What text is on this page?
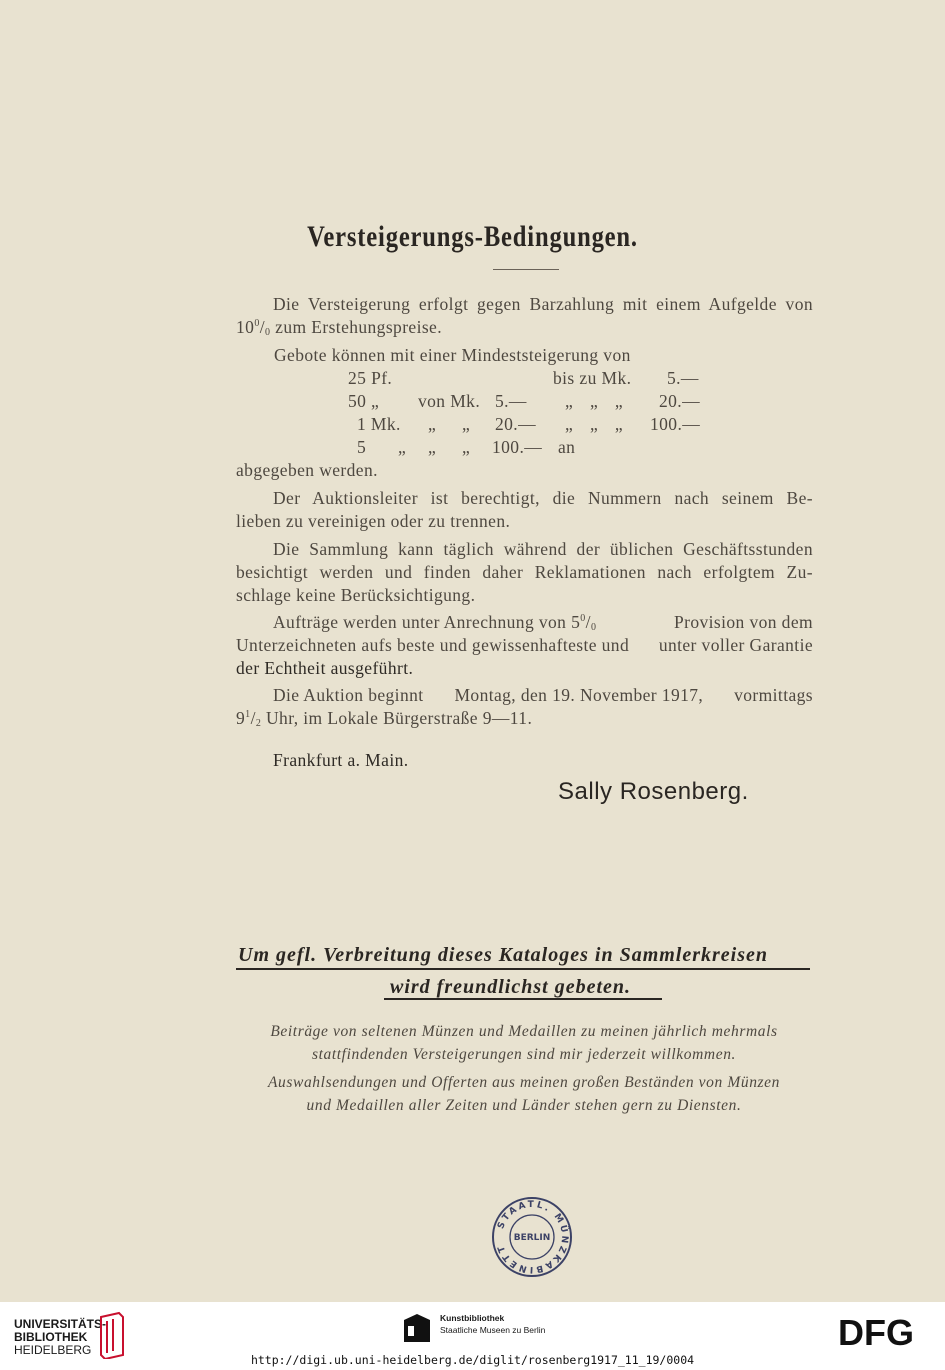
Versteigerungs-Bedingungen.
Die Versteigerung erfolgt gegen Barzahlung mit einem Aufgelde von
$10^0/_0$ zum Erstehungspreise.
Gebote können mit einer Mindeststeigerung von
25 Pf.	bis zu Mk. 5.—
50 „ von Mk. 5.— „ „ „ 20.—
1 Mk. „ „ 20.— „ „ „ 100.—
5 „ „ „ 100.— an
abgegeben werden.
Der Auktionsleiter ist berechtigt, die Nummern nach seinem Be-
lieben zu vereinigen oder zu trennen.
Die Sammlung kann täglich während der üblichen Geschäftsstunden
besichtigt werden und finden daher Reklamationen nach erfolgtem Zu-
schlage keine Berücksichtigung.
Aufträge werden unter Anrechnung von $5^0/_0$	Provision von dem
Unterzeichneten aufs beste und gewissenhafteste und unter voller Garantie
der Echtheit ausgeführt.
Die Auktion beginnt Montag, den 19. November 1917, vormittags
$9^1/_2$ Uhr, im Lokale Bürgerstraße 9—11.
Frankfurt a. Main.
Sally Rosenberg.
Um gefl. Verbreitung dieses Kataloges in Sammlerkreisen
wird freundlichst gebeten.
Beiträge von seltenen Münzen und Medaillen zu meinen jährlich mehrmals
stattfindenden Versteigerungen sind mir jederzeit willkommen.
Auswahlsendungen und Offerten aus meinen großen Beständen von Münzen
und Medaillen aller Zeiten und Länder stehen gern zu Diensten.
STAATL. MÜNZKABINETT
BERLIN
UNIVERSITÄTS-
BIBLIOTHEK
HEIDELBERG
Kunstbibliothek
Staatliche Museen zu Berlin	DFG
http://digi.ub.uni-heidelberg.de/diglit/rosenberg1917_11_19/0004
